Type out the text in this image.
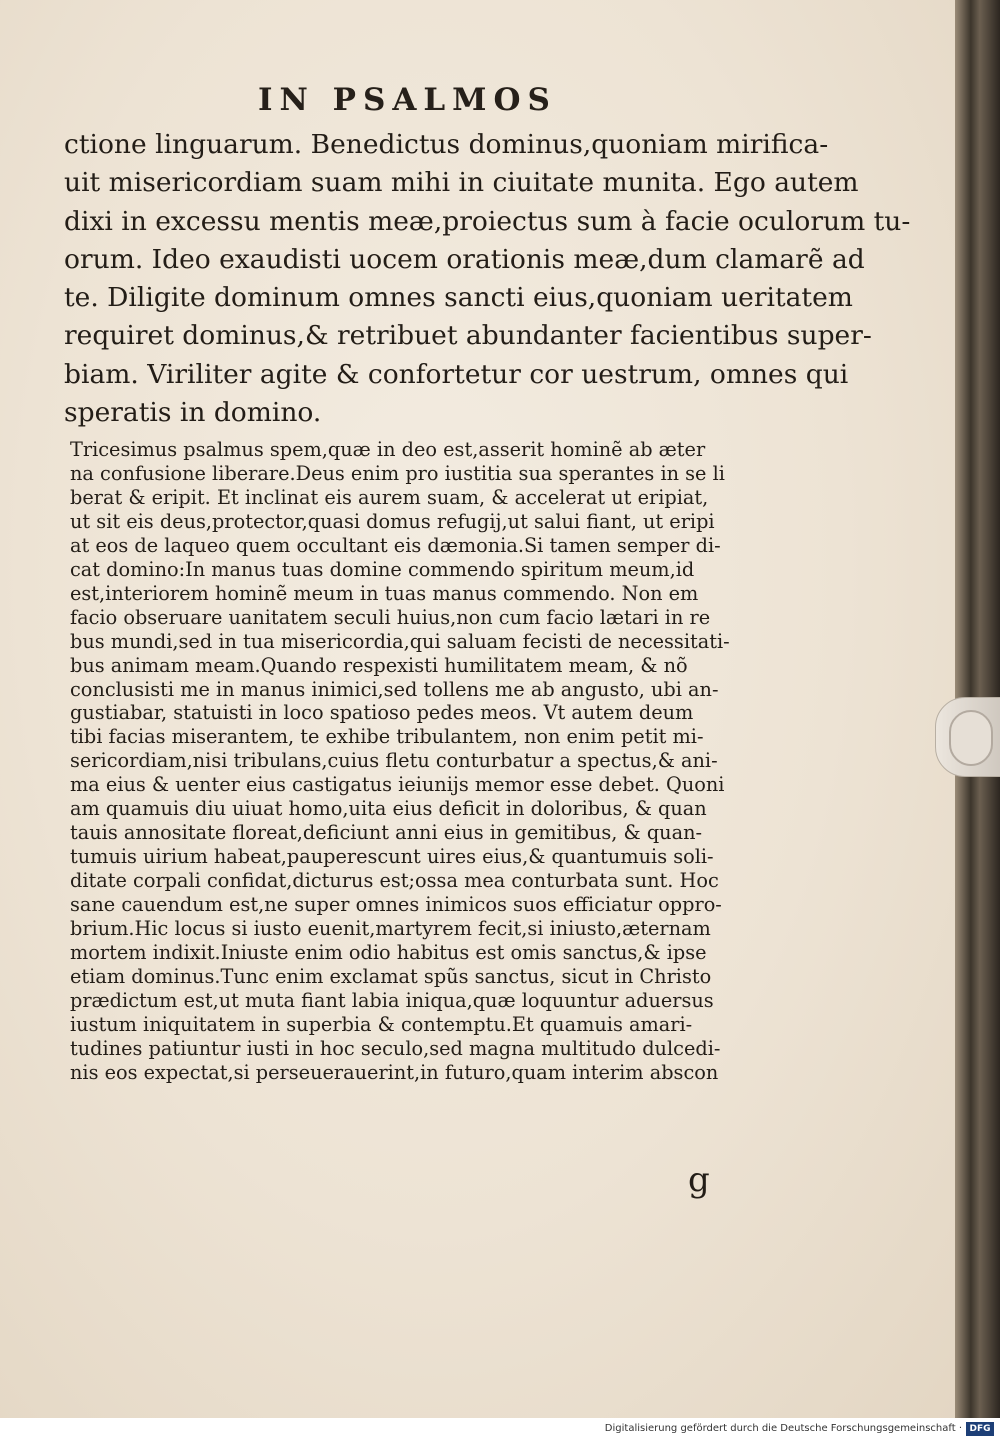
IN PSALMOS
ctione linguarum. Benedictus dominus,quoniam mirifica-
uit misericordiam suam mihi in ciuitate munita. Ego autem
dixi in excessu mentis meæ,proiectus sum à facie oculorum tu-
orum. Ideo exaudisti uocem orationis meæ,dum clamarẽ ad
te. Diligite dominum omnes sancti eius,quoniam ueritatem
requiret dominus,& retribuet abundanter facientibus super-
biam. Viriliter agite & confortetur cor uestrum, omnes qui
speratis in domino.
Tricesimus psalmus spem,quæ in deo est,asserit hominẽ ab æter
na confusione liberare.Deus enim pro iustitia sua sperantes in se li
berat & eripit. Et inclinat eis aurem suam, & accelerat ut eripiat,
ut sit eis deus,protector,quasi domus refugij,ut salui fiant, ut eripi
at eos de laqueo quem occultant eis dæmonia.Si tamen semper di-
cat domino:In manus tuas domine commendo spiritum meum,id
est,interiorem hominẽ meum in tuas manus commendo. Non em
facio obseruare uanitatem seculi huius,non cum facio lætari in re
bus mundi,sed in tua misericordia,qui saluam fecisti de necessitati-
bus animam meam.Quando respexisti humilitatem meam, & nõ
conclusisti me in manus inimici,sed tollens me ab angusto, ubi an-
gustiabar, statuisti in loco spatioso pedes meos. Vt autem deum
tibi facias miserantem, te exhibe tribulantem, non enim petit mi-
sericordiam,nisi tribulans,cuius fletu conturbatur a spectus,& ani-
ma eius & uenter eius castigatus ieiunijs memor esse debet. Quoni
am quamuis diu uiuat homo,uita eius deficit in doloribus, & quan
tauis annositate floreat,deficiunt anni eius in gemitibus, & quan-
tumuis uirium habeat,pauperescunt uires eius,& quantumuis soli-
ditate corpali confidat,dicturus est;ossa mea conturbata sunt. Hoc
sane cauendum est,ne super omnes inimicos suos efficiatur oppro-
brium.Hic locus si iusto euenit,martyrem fecit,si iniusto,æternam
mortem indixit.Iniuste enim odio habitus est omis sanctus,& ipse
etiam dominus.Tunc enim exclamat spũs sanctus, sicut in Christo
prædictum est,ut muta fiant labia iniqua,quæ loquuntur aduersus
iustum iniquitatem in superbia & contemptu.Et quamuis amari-
tudines patiuntur iusti in hoc seculo,sed magna multitudo dulcedi-
nis eos expectat,si perseuerauerint,in futuro,quam interim abscon
g
Digitalisierung gefördert durch die Deutsche Forschungsgemeinschaft · DFG
